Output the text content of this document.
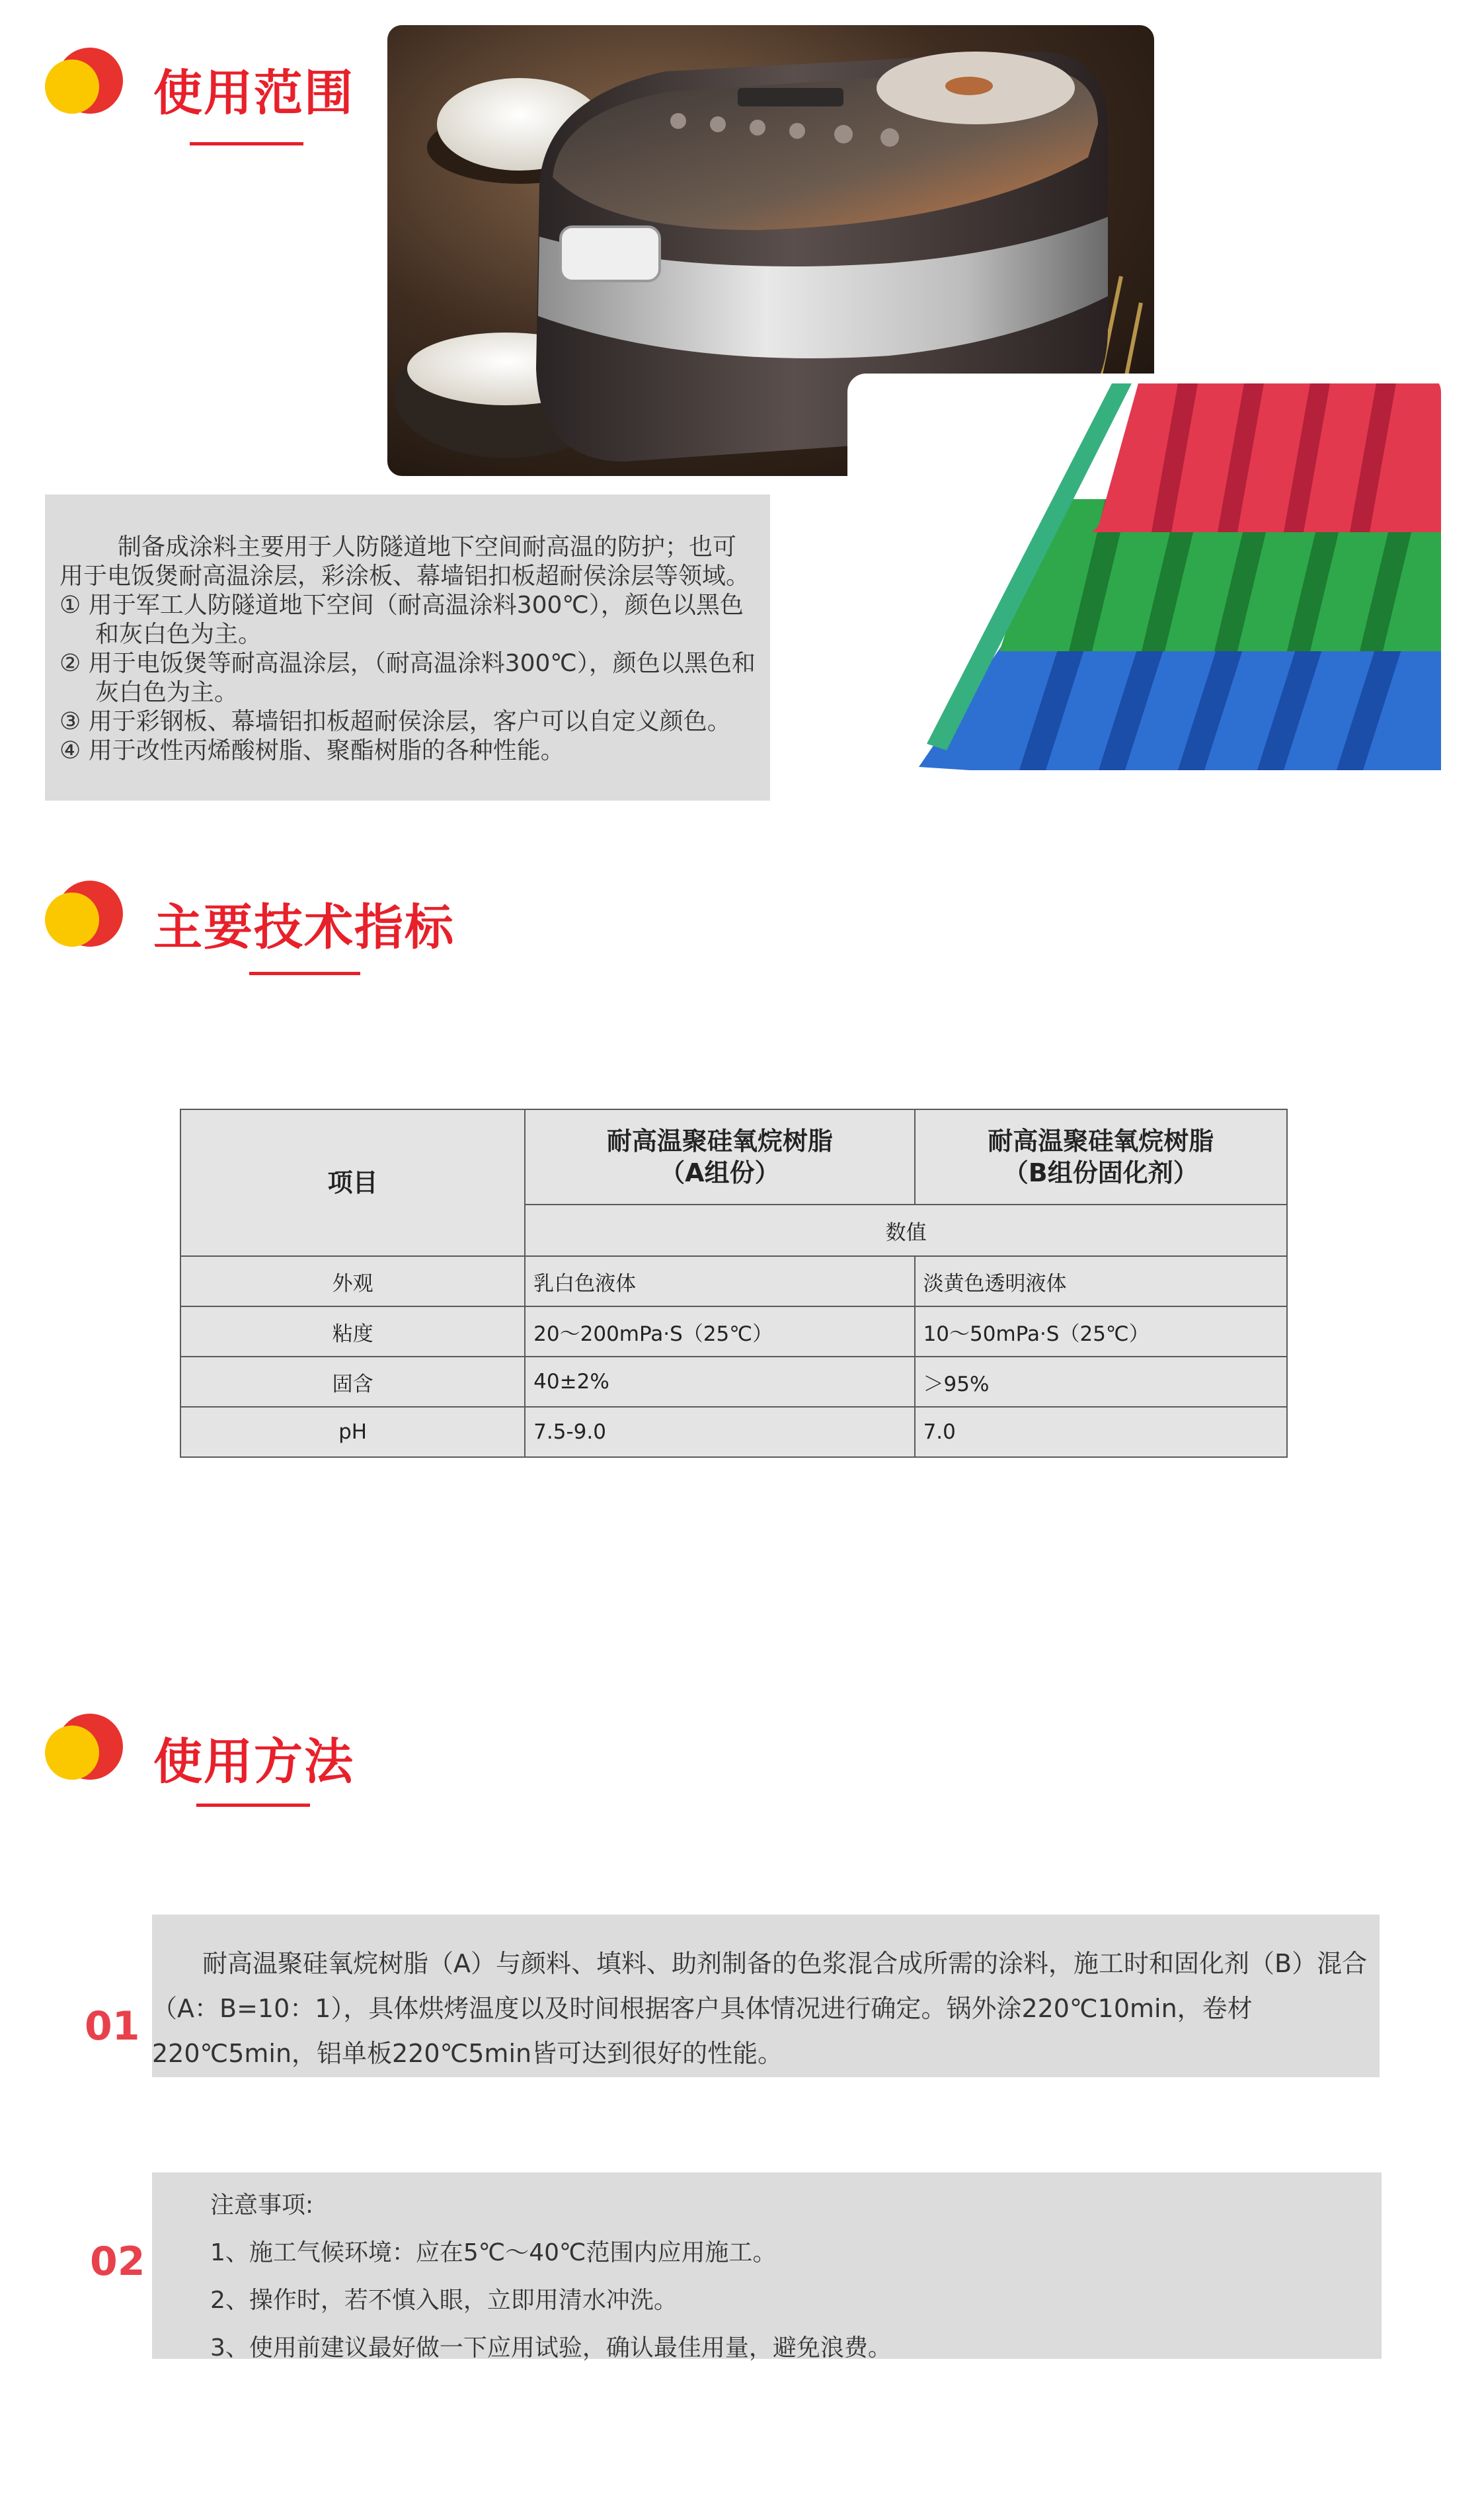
使用范围

制备成涂料主要用于人防隧道地下空间耐高温的防护；也可

用于电饭煲耐高温涂层，彩涂板、幕墙铝扣板超耐侯涂层等领域。

① 用于军工人防隧道地下空间（耐高温涂料300℃），颜色以黑色和灰白色为主。

② 用于电饭煲等耐高温涂层，（耐高温涂料300℃），颜色以黑色和灰白色为主。

③ 用于彩钢板、幕墙铝扣板超耐侯涂层，客户可以自定义颜色。

④ 用于改性丙烯酸树脂、聚酯树脂的各种性能。

主要技术指标
项目	耐高温聚硅氧烷树脂（A组份）	耐高温聚硅氧烷树脂（B组份固化剂）
	数值	
外观	乳白色液体	淡黄色透明液体
粘度	20～200mPa·S（25℃）	10～50mPa·S（25℃）
固含	40±2%	＞95%
pH	7.5-9.0	7.0
使用方法
01

耐高温聚硅氧烷树脂（A）与颜料、填料、助剂制备的色浆混合成所需的涂料，施工时和固化剂（B）混合（A：B=10：1），具体烘烤温度以及时间根据客户具体情况进行确定。锅外涂220℃10min，卷材220℃5min，铝单板220℃5min皆可达到很好的性能。

02

注意事项:

1、施工气候环境：应在5℃～40℃范围内应用施工。

2、操作时，若不慎入眼，立即用清水冲洗。

3、使用前建议最好做一下应用试验，确认最佳用量，避免浪费。
